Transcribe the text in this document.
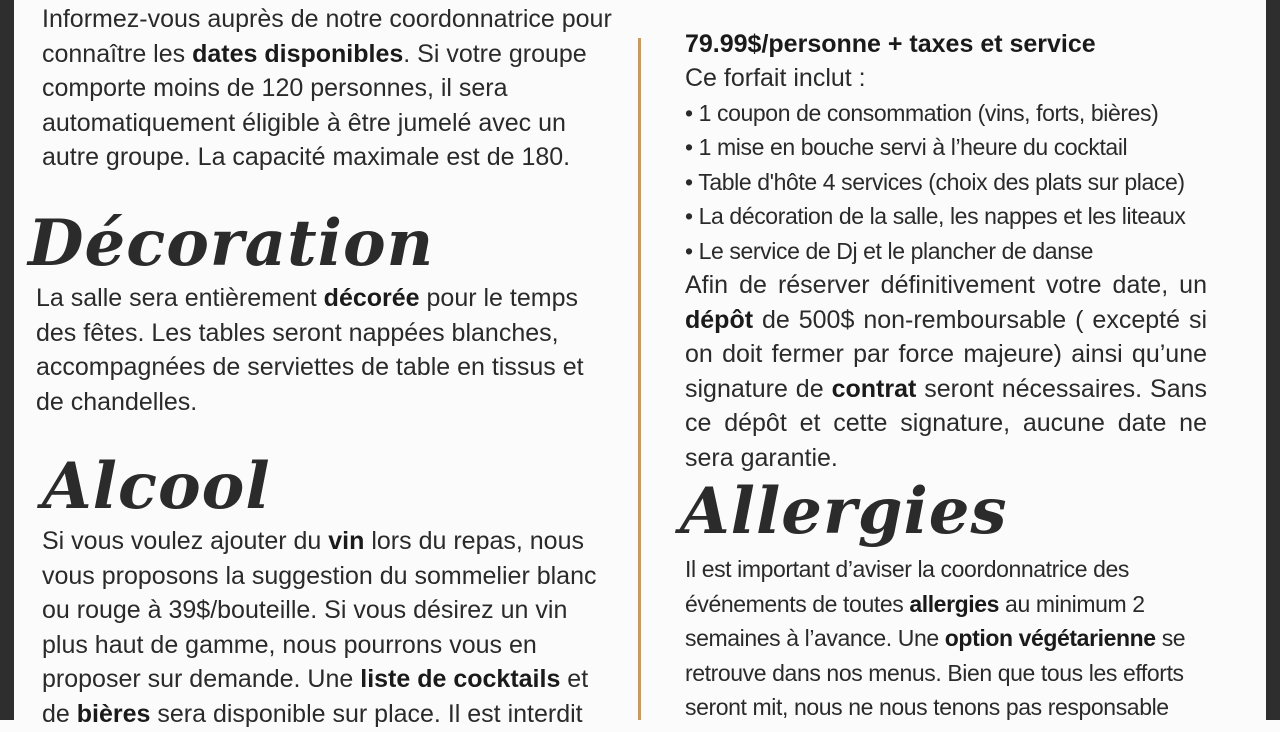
Informez-vous auprès de notre coordonnatrice pour connaître les dates disponibles. Si votre groupe comporte moins de 120 personnes, il sera automatiquement éligible à être jumelé avec un autre groupe. La capacité maximale est de 180.

Décoration

La salle sera entièrement décorée pour le temps des fêtes. Les tables seront nappées blanches, accompagnées de serviettes de table en tissus et de chandelles.

Alcool

Si vous voulez ajouter du vin lors du repas, nous vous proposons la suggestion du sommelier blanc ou rouge à 39$/bouteille. Si vous désirez un vin plus haut de gamme, nous pourrons vous en proposer sur demande. Une liste de cocktails et de bières sera disponible sur place. Il est interdit

79.99$/personne + taxes et service
Ce forfait inclut :
• 1 coupon de consommation (vins, forts, bières)
• 1 mise en bouche servi à l’heure du cocktail
• Table d'hôte 4 services (choix des plats sur place)
• La décoration de la salle, les nappes et les liteaux
• Le service de Dj et le plancher de danse

Afin de réserver définitivement votre date, un dépôt de 500$ non-remboursable ( excepté si on doit fermer par force majeure) ainsi qu’une signature de contrat seront nécessaires. Sans ce dépôt et cette signature, aucune date ne sera garantie.

Allergies

Il est important d’aviser la coordonnatrice des événements de toutes allergies au minimum 2 semaines à l’avance. Une option végétarienne se retrouve dans nos menus. Bien que tous les efforts seront mit, nous ne nous tenons pas responsable
